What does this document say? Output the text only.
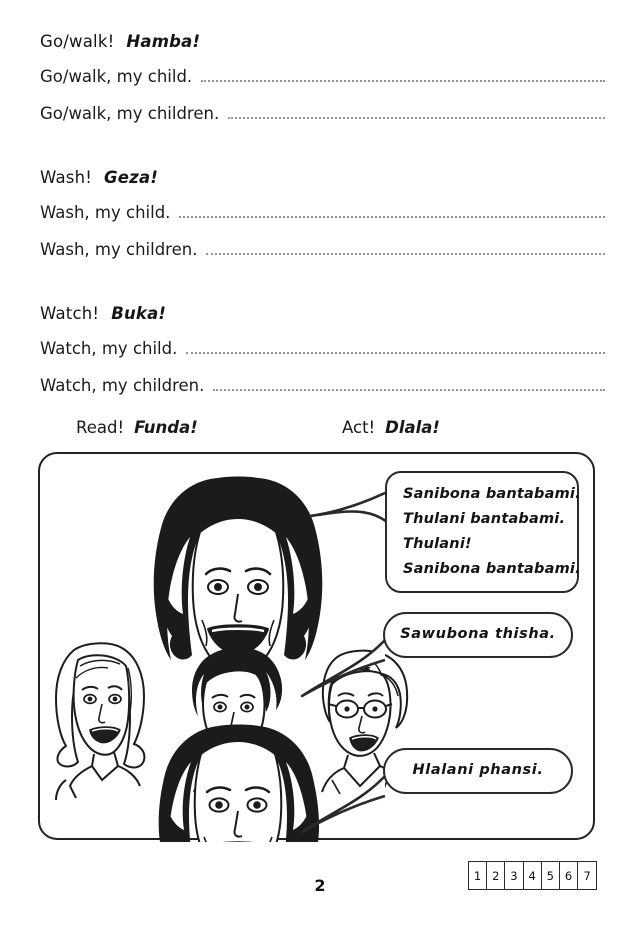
Go/walk! Hamba!
Go/walk, my child.
Go/walk, my children.
Wash! Geza!
Wash, my child.
Wash, my children.
Watch! Buka!
Watch, my child.
Watch, my children.
Read! Funda!	Act! Dlala!
Sanibona bantabami.
Thulani bantabami.
Thulani!
Sanibona bantabami.
Sawubona thisha.
Hlalani phansi.
2
1 2 3 4 5 6 7
